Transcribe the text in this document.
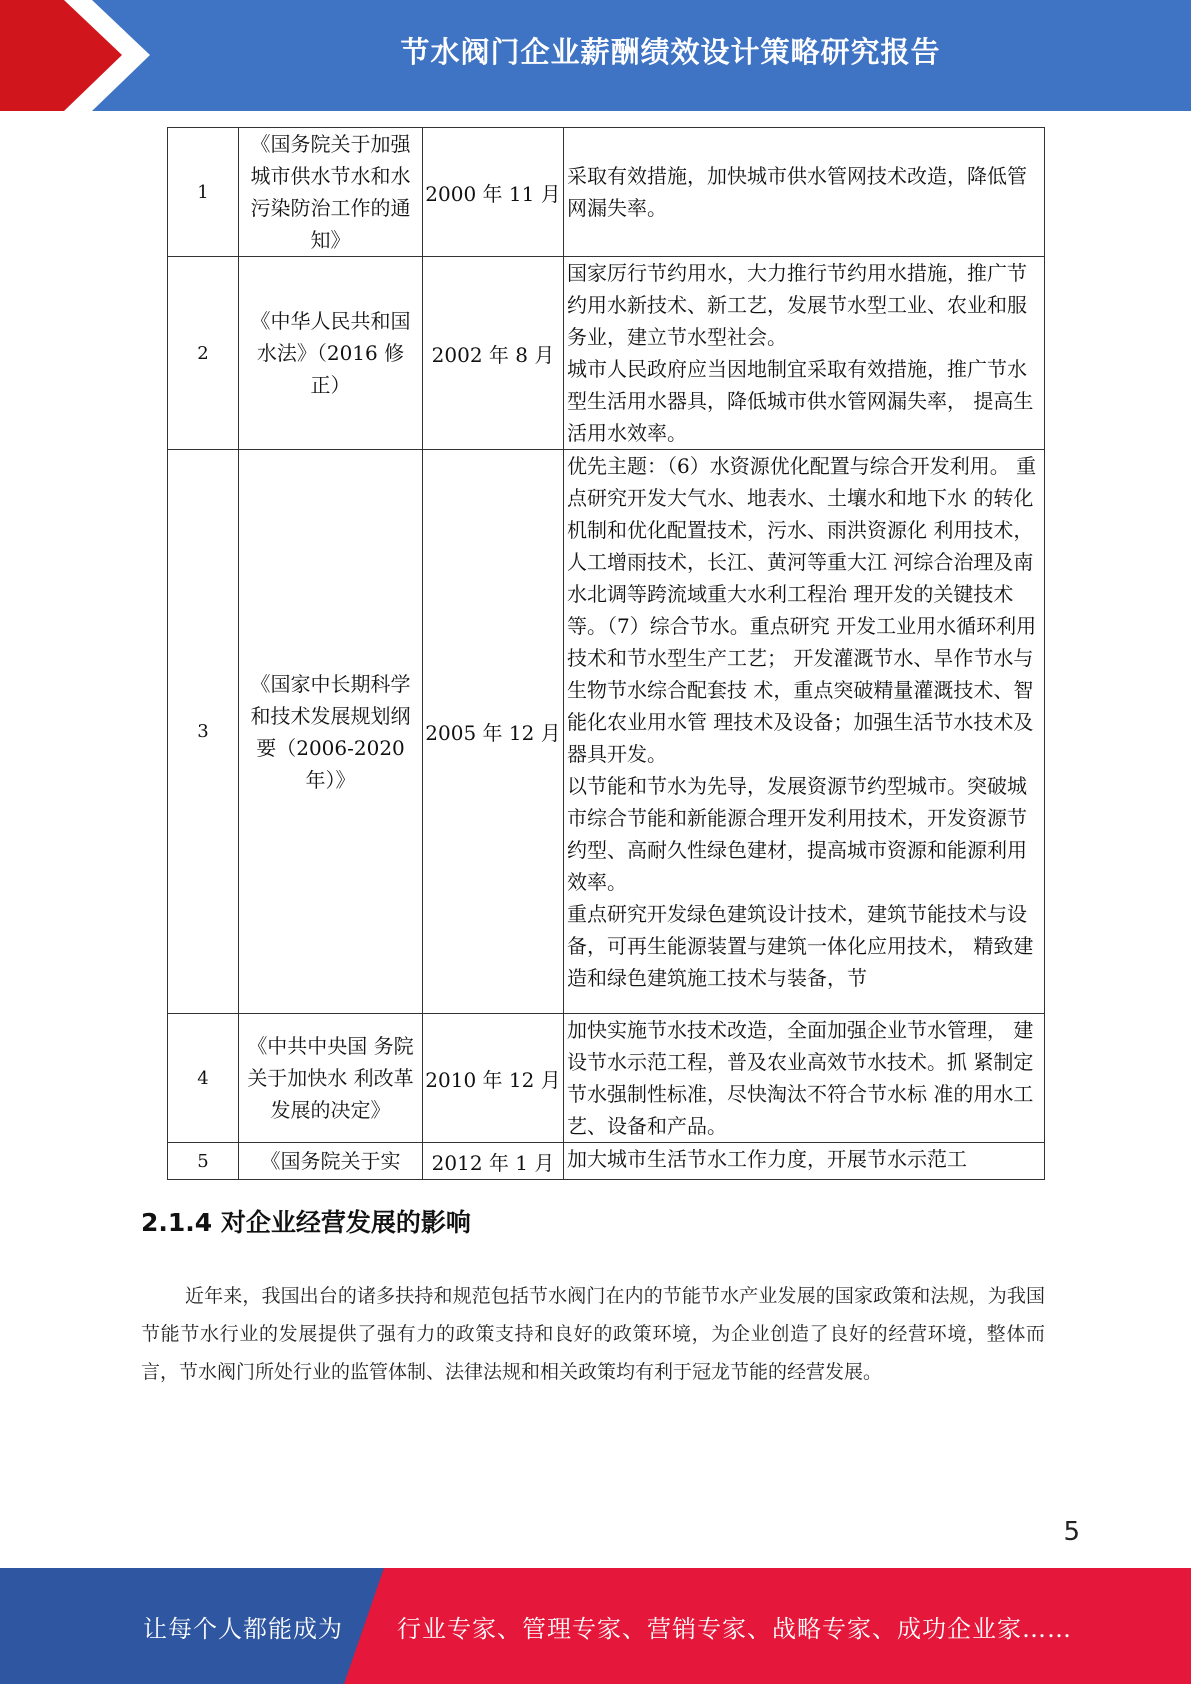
节水阀门企业薪酬绩效设计策略研究报告
1	《国务院关于加强城市供水节水和水污染防治工作的通知》	2000 年 11 月	采取有效措施，加快城市供水管网技术改造，降低管网漏失率。

2	《中华人民共和国水法》（2016 修正）	2002 年 8 月	国家厉行节约用水，大力推行节约用水措施，推广节约用水新技术、新工艺，发展节水型工业、农业和服务业，建立节水型社会。
城市人民政府应当因地制宜采取有效措施，推广节水型生活用水器具，降低城市供水管网漏失率， 提高生活用水效率。

3	《国家中长期科学和技术发展规划纲要（2006-2020 年）》	2005 年 12 月	优先主题：（6）水资源优化配置与综合开发利用。 重点研究开发大气水、地表水、土壤水和地下水 的转化机制和优化配置技术，污水、雨洪资源化 利用技术，人工增雨技术，长江、黄河等重大江 河综合治理及南水北调等跨流域重大水利工程治 理开发的关键技术等。（7）综合节水。重点研究 开发工业用水循环利用技术和节水型生产工艺； 开发灌溉节水、旱作节水与生物节水综合配套技 术，重点突破精量灌溉技术、智能化农业用水管 理技术及设备；加强生活节水技术及器具开发。
以节能和节水为先导，发展资源节约型城市。突破城市综合节能和新能源合理开发利用技术，开发资源节约型、高耐久性绿色建材，提高城市资源和能源利用效率。
重点研究开发绿色建筑设计技术，建筑节能技术与设备，可再生能源装置与建筑一体化应用技术， 精致建造和绿色建筑施工技术与装备，节

4	《中共中央国 务院关于加快水 利改革发展的决定》	2010 年 12 月	加快实施节水技术改造，全面加强企业节水管理， 建设节水示范工程，普及农业高效节水技术。抓 紧制定节水强制性标准，尽快淘汰不符合节水标 准的用水工艺、设备和产品。

5	《国务院关于实	2012 年 1 月	加大城市生活节水工作力度，开展节水示范工
2.1.4 对企业经营发展的影响

近年来，我国出台的诸多扶持和规范包括节水阀门在内的节能节水产业发展的国家政策和法规，为我国节能节水行业的发展提供了强有力的政策支持和良好的政策环境，为企业创造了良好的经营环境，整体而言，节水阀门所处行业的监管体制、法律法规和相关政策均有利于冠龙节能的经营发展。

5
让每个人都能成为 行业专家、管理专家、营销专家、战略专家、成功企业家……
